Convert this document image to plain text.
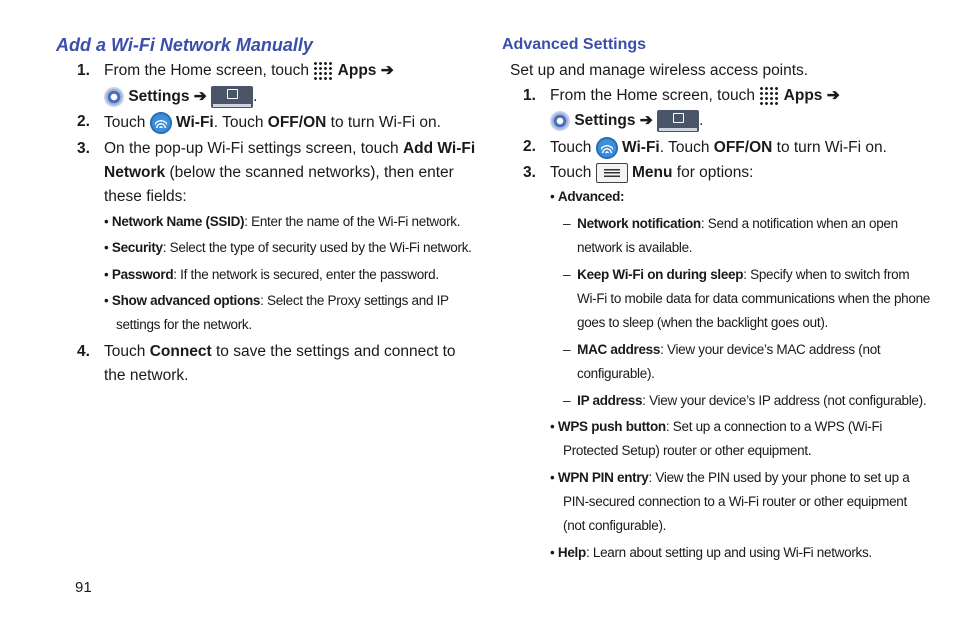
Add a Wi-Fi Network Manually
1. From the Home screen, touch Apps ➔
Settings ➔	.
2. Touch Wi-Fi. Touch OFF/ON to turn Wi-Fi on.
3. On the pop-up Wi-Fi settings screen, touch Add Wi-Fi
Network (below the scanned networks), then enter
these fields:
• Network Name (SSID): Enter the name of the Wi-Fi network.
• Security: Select the type of security used by the Wi-Fi network.
• Password: If the network is secured, enter the password.
• Show advanced options: Select the Proxy settings and IP
settings for the network.
4. Touch Connect to save the settings and connect to
the network.
Advanced Settings
Set up and manage wireless access points.
1. From the Home screen, touch Apps ➔
Settings ➔	.
2. Touch Wi-Fi. Touch OFF/ON to turn Wi-Fi on.
3. Touch	Menu for options:
• Advanced:
–  Network notification: Send a notification when an open
network is available.
–  Keep Wi-Fi on during sleep: Specify when to switch from
Wi-Fi to mobile data for data communications when the phone
goes to sleep (when the backlight goes out).
–  MAC address: View your device’s MAC address (not
configurable).
–  IP address: View your device’s IP address (not configurable).
• WPS push button: Set up a connection to a WPS (Wi-Fi
Protected Setup) router or other equipment.
• WPN PIN entry: View the PIN used by your phone to set up a
PIN-secured connection to a Wi-Fi router or other equipment
(not configurable).
• Help: Learn about setting up and using Wi-Fi networks.
91
